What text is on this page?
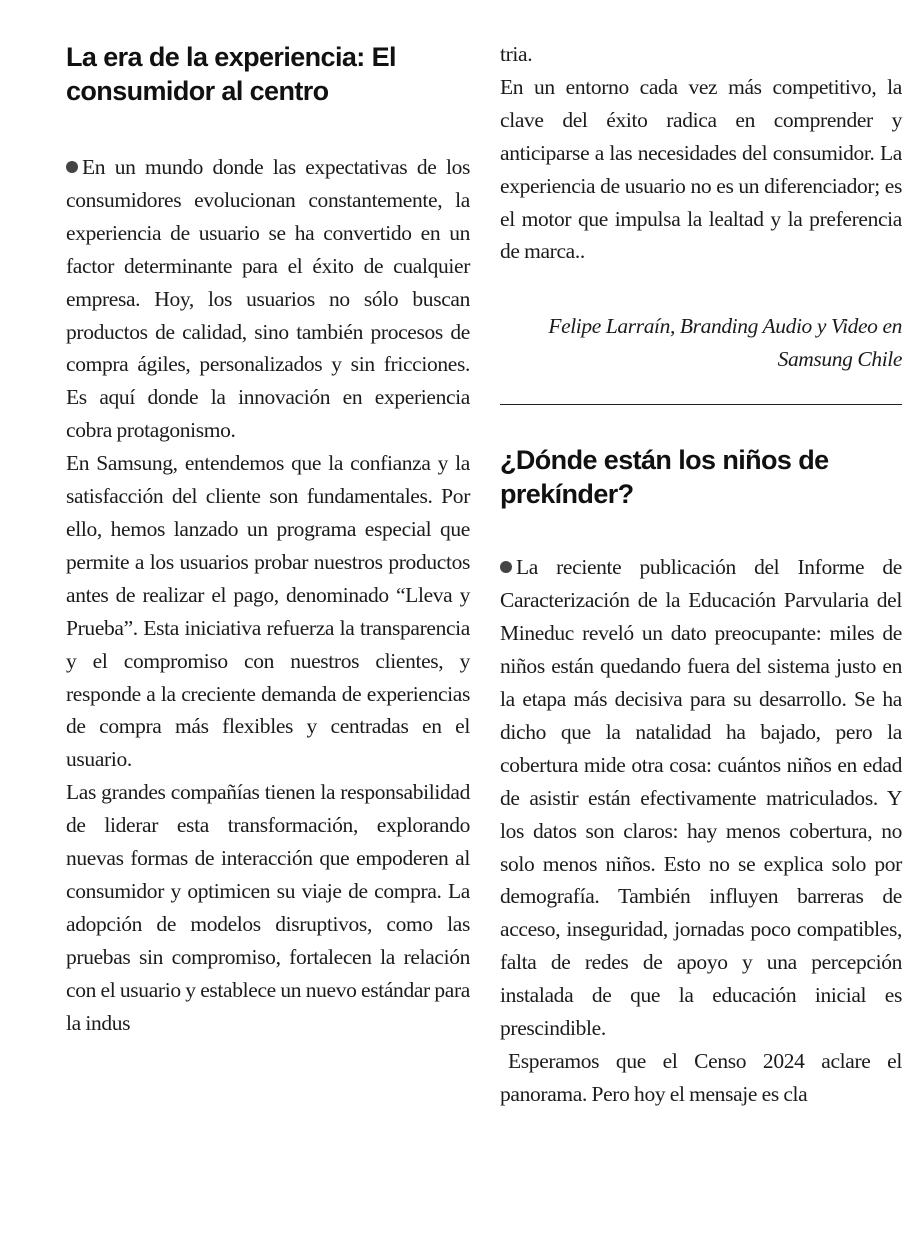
La era de la experiencia: El consumidor al centro

En un mundo donde las expectativas de los consumidores evolucionan constantemente, la experiencia de usuario se ha convertido en un factor determinante para el éxito de cualquier empresa. Hoy, los usuarios no sólo buscan productos de calidad, sino también procesos de compra ágiles, personalizados y sin fricciones. Es aquí donde la innovación en experiencia cobra protagonismo.

En Samsung, entendemos que la confianza y la satisfacción del cliente son fundamentales. Por ello, hemos lanzado un programa especial que permite a los usuarios probar nuestros productos antes de realizar el pago, denominado “Lleva y Prueba”. Esta iniciativa refuerza la transparencia y el compromiso con nuestros clientes, y responde a la creciente demanda de experiencias de compra más flexibles y centradas en el usuario.

Las grandes compañías tienen la responsabilidad de liderar esta transformación, explorando nuevas formas de interacción que empoderen al consumidor y optimicen su viaje de compra. La adopción de modelos disruptivos, como las pruebas sin compromiso, fortalecen la relación con el usuario y establece un nuevo estándar para la indus

tria.

En un entorno cada vez más competitivo, la clave del éxito radica en comprender y anticiparse a las necesidades del consumidor. La experiencia de usuario no es un diferenciador; es el motor que impulsa la lealtad y la preferencia de marca..

Felipe Larraín, Branding Audio y Video en Samsung Chile

¿Dónde están los niños de prekínder?

La reciente publicación del Informe de Caracterización de la Educación Parvularia del Mineduc reveló un dato preocupante: miles de niños están quedando fuera del sistema justo en la etapa más decisiva para su desarrollo. Se ha dicho que la natalidad ha bajado, pero la cobertura mide otra cosa: cuántos niños en edad de asistir están efectivamente matriculados. Y los datos son claros: hay menos cobertura, no solo menos niños. Esto no se explica solo por demografía. También influyen barreras de acceso, inseguridad, jornadas poco compatibles, falta de redes de apoyo y una percepción instalada de que la educación inicial es prescindible.

Esperamos que el Censo 2024 aclare el panorama. Pero hoy el mensaje es cla
